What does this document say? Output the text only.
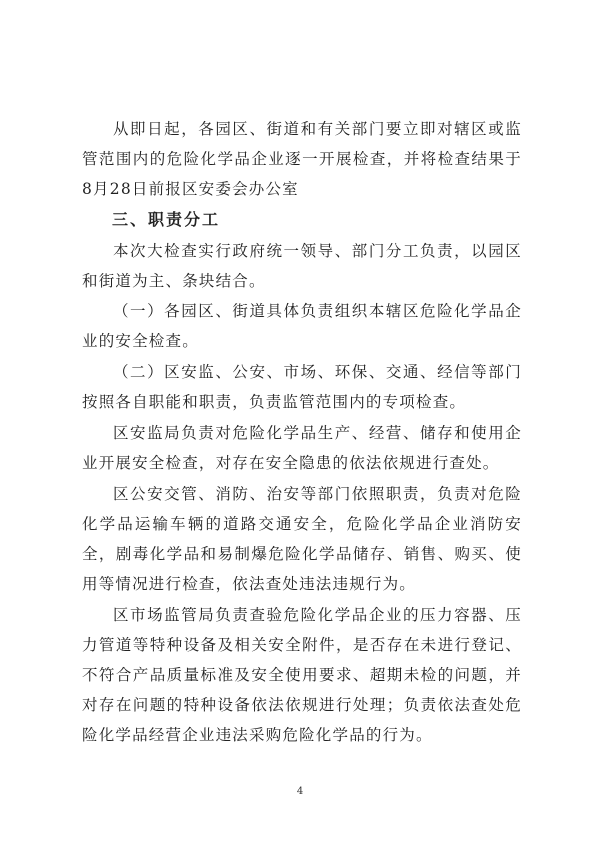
从即日起，各园区、街道和有关部门要立即对辖区或监管范围内的危险化学品企业逐一开展检查，并将检查结果于8月28日前报区安委会办公室

三、职责分工

本次大检查实行政府统一领导、部门分工负责，以园区和街道为主、条块结合。

（一）各园区、街道具体负责组织本辖区危险化学品企业的安全检查。

（二）区安监、公安、市场、环保、交通、经信等部门按照各自职能和职责，负责监管范围内的专项检查。

区安监局负责对危险化学品生产、经营、储存和使用企业开展安全检查，对存在安全隐患的依法依规进行查处。

区公安交管、消防、治安等部门依照职责，负责对危险化学品运输车辆的道路交通安全，危险化学品企业消防安全，剧毒化学品和易制爆危险化学品储存、销售、购买、使用等情况进行检查，依法查处违法违规行为。

区市场监管局负责查验危险化学品企业的压力容器、压力管道等特种设备及相关安全附件，是否存在未进行登记、不符合产品质量标准及安全使用要求、超期未检的问题，并对存在问题的特种设备依法依规进行处理；负责依法查处危险化学品经营企业违法采购危险化学品的行为。

4
